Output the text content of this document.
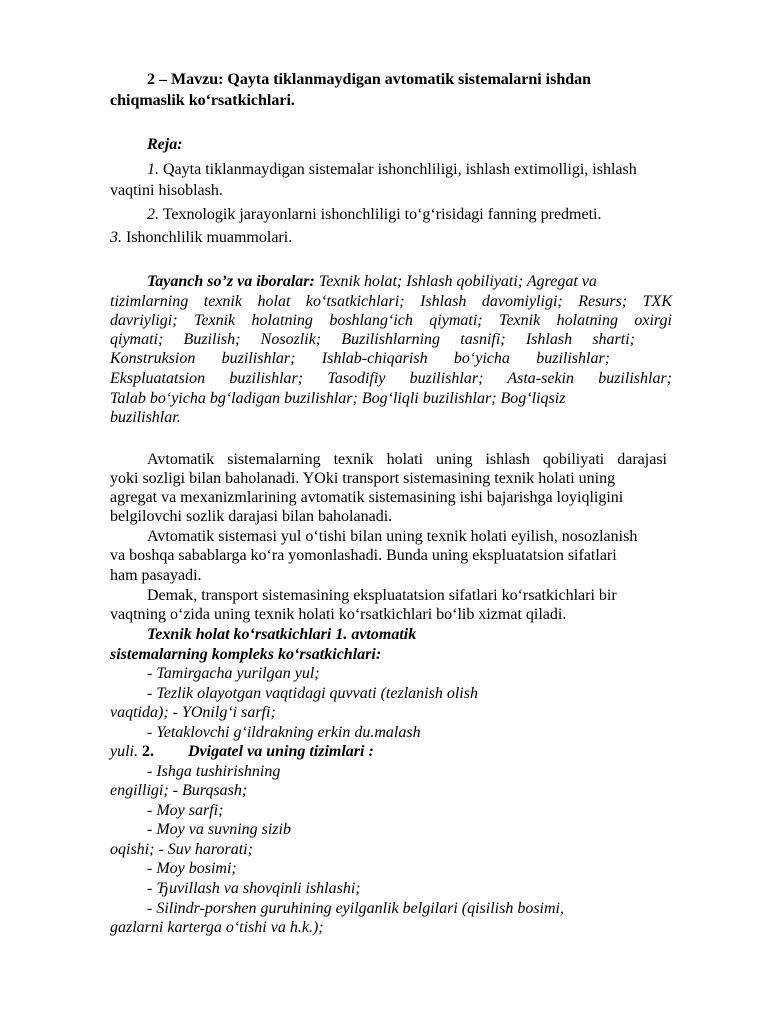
2 – Mavzu: Qayta tiklanmaydigan avtomatik sistemalarni ishdan
chiqmaslik ko‘rsatkichlari.
Reja:
1. Qayta tiklanmaydigan sistemalar ishonchliligi, ishlash extimolligi, ishlash
vaqtini hisoblash.
2. Texnologik jarayonlarni ishonchliligi to‘g‘risidagi fanning predmeti.
3. Ishonchlilik muammolari.
Tayanch so’z va iboralar: Texnik holat; Ishlash qobiliyati; Agregat va
tizimlarning texnik holat ko‘tsatkichlari; Ishlash davomiyligi; Resurs; TXK
davriyligi; Texnik holatning boshlang‘ich qiymati; Texnik holatning oxirgi
qiymati; Buzilish; Nosozlik; Buzilishlarning tasnifi; Ishlash sharti;
Konstruksion buzilishlar; Ishlab-chiqarish bo‘yicha buzilishlar;
Ekspluatatsion buzilishlar; Tasodifiy buzilishlar; Asta-sekin buzilishlar;
Talab bo‘yicha bg‘ladigan buzilishlar; Bog‘liqli buzilishlar; Bog‘liqsiz
buzilishlar.
Avtomatik sistemalarning texnik holati uning ishlash qobiliyati darajasi
yoki sozligi bilan baholanadi. YOki transport sistemasining texnik holati uning
agregat va mexanizmlarining avtomatik sistemasining ishi bajarishga loyiqligini
belgilovchi sozlik darajasi bilan baholanadi.
Avtomatik sistemasi yul o‘tishi bilan uning texnik holati eyilish, nosozlanish
va boshqa sabablarga ko‘ra yomonlashadi. Bunda uning ekspluatatsion sifatlari
ham pasayadi.
Demak, transport sistemasining ekspluatatsion sifatlari ko‘rsatkichlari bir
vaqtning o‘zida uning texnik holati ko‘rsatkichlari bo‘lib xizmat qiladi.
Texnik holat ko‘rsatkichlari 1. avtomatik
sistemalarning kompleks ko‘rsatkichlari:
- Tamirgacha yurilgan yul;
- Tezlik olayotgan vaqtidagi quvvati (tezlanish olish
vaqtida); - YOnilg‘i sarfi;
- Yetaklovchi g‘ildrakning erkin du.malash
yuli. 2. Dvigatel va uning tizimlari :
- Ishga tushirishning
engilligi; - Burqsash;
- Moy sarfi;
- Moy va suvning sizib
oqishi; - Suv harorati;
- Moy bosimi;
- Ђuvillash va shovqinli ishlashi;
- Silindr-porshen guruhining eyilganlik belgilari (qisilish bosimi,
gazlarni karterga o‘tishi va h.k.);
